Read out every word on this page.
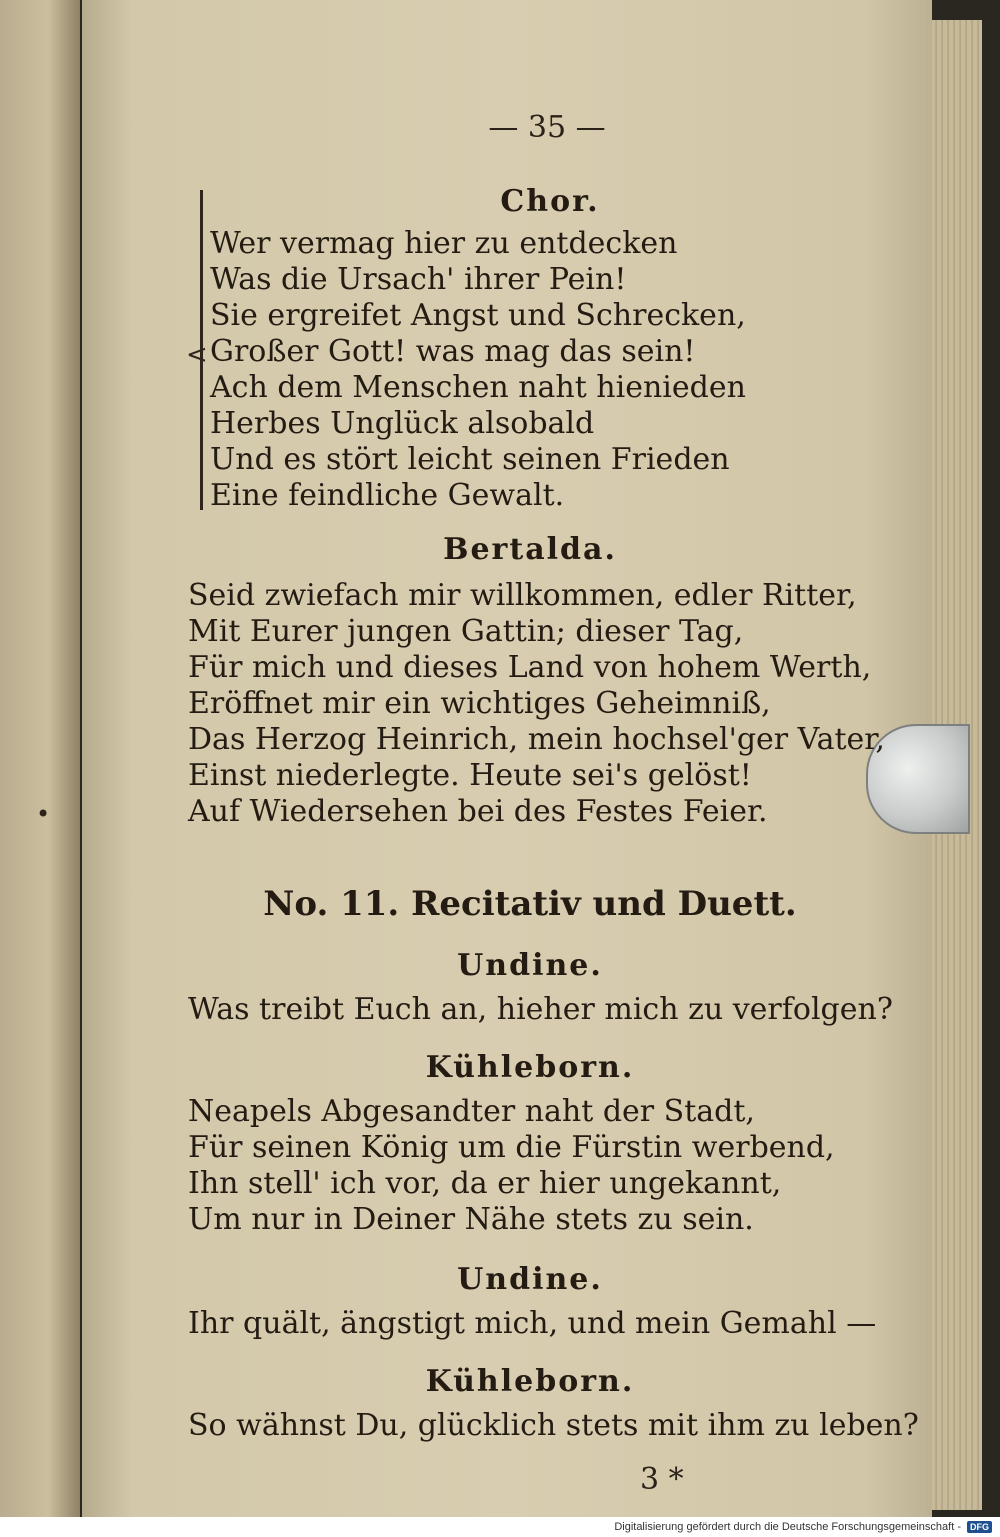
•
— 35 —
<

Chor.

Wer vermag hier zu entdecken

Was die Ursach' ihrer Pein!

Sie ergreifet Angst und Schrecken,

Großer Gott! was mag das sein!

Ach dem Menschen naht hienieden

Herbes Unglück alsobald

Und es stört leicht seinen Frieden

Eine feindliche Gewalt.

Bertalda.

Seid zwiefach mir willkommen, edler Ritter,

Mit Eurer jungen Gattin; dieser Tag,

Für mich und dieses Land von hohem Werth,

Eröffnet mir ein wichtiges Geheimniß,

Das Herzog Heinrich, mein hochsel'ger Vater,

Einst niederlegte. Heute sei's gelöst!

Auf Wiedersehen bei des Festes Feier.

No. 11. Recitativ und Duett.

Undine.

Was treibt Euch an, hieher mich zu verfolgen?

Kühleborn.

Neapels Abgesandter naht der Stadt,

Für seinen König um die Fürstin werbend,

Ihn stell' ich vor, da er hier ungekannt,

Um nur in Deiner Nähe stets zu sein.

Undine.

Ihr quält, ängstigt mich, und mein Gemahl —

Kühleborn.

So wähnst Du, glücklich stets mit ihm zu leben?

3 *
Digitalisierung gefördert durch die Deutsche Forschungsgemeinschaft -	DFG
